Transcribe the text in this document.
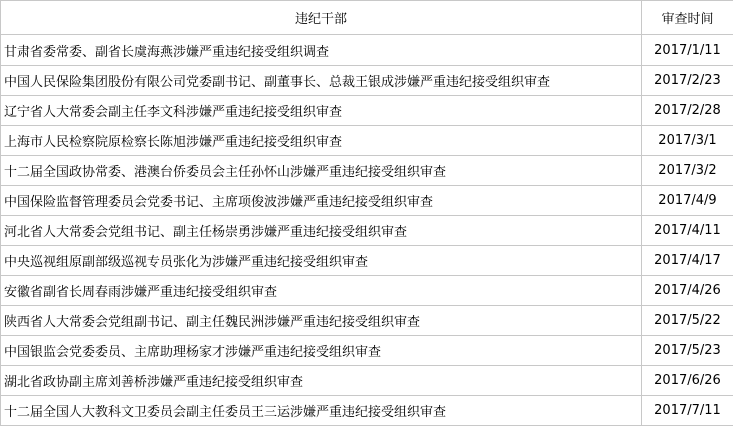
违纪干部	审查时间
甘肃省委常委、副省长虞海燕涉嫌严重违纪接受组织调查	2017/1/11
中国人民保险集团股份有限公司党委副书记、副董事长、总裁王银成涉嫌严重违纪接受组织审查	2017/2/23
辽宁省人大常委会副主任李文科涉嫌严重违纪接受组织审查	2017/2/28
上海市人民检察院原检察长陈旭涉嫌严重违纪接受组织审查	2017/3/1
十二届全国政协常委、港澳台侨委员会主任孙怀山涉嫌严重违纪接受组织审查	2017/3/2
中国保险监督管理委员会党委书记、主席项俊波涉嫌严重违纪接受组织审查	2017/4/9
河北省人大常委会党组书记、副主任杨崇勇涉嫌严重违纪接受组织审查	2017/4/11
中央巡视组原副部级巡视专员张化为涉嫌严重违纪接受组织审查	2017/4/17
安徽省副省长周春雨涉嫌严重违纪接受组织审查	2017/4/26
陕西省人大常委会党组副书记、副主任魏民洲涉嫌严重违纪接受组织审查	2017/5/22
中国银监会党委委员、主席助理杨家才涉嫌严重违纪接受组织审查	2017/5/23
湖北省政协副主席刘善桥涉嫌严重违纪接受组织审查	2017/6/26
十二届全国人大教科文卫委员会副主任委员王三运涉嫌严重违纪接受组织审查	2017/7/11
